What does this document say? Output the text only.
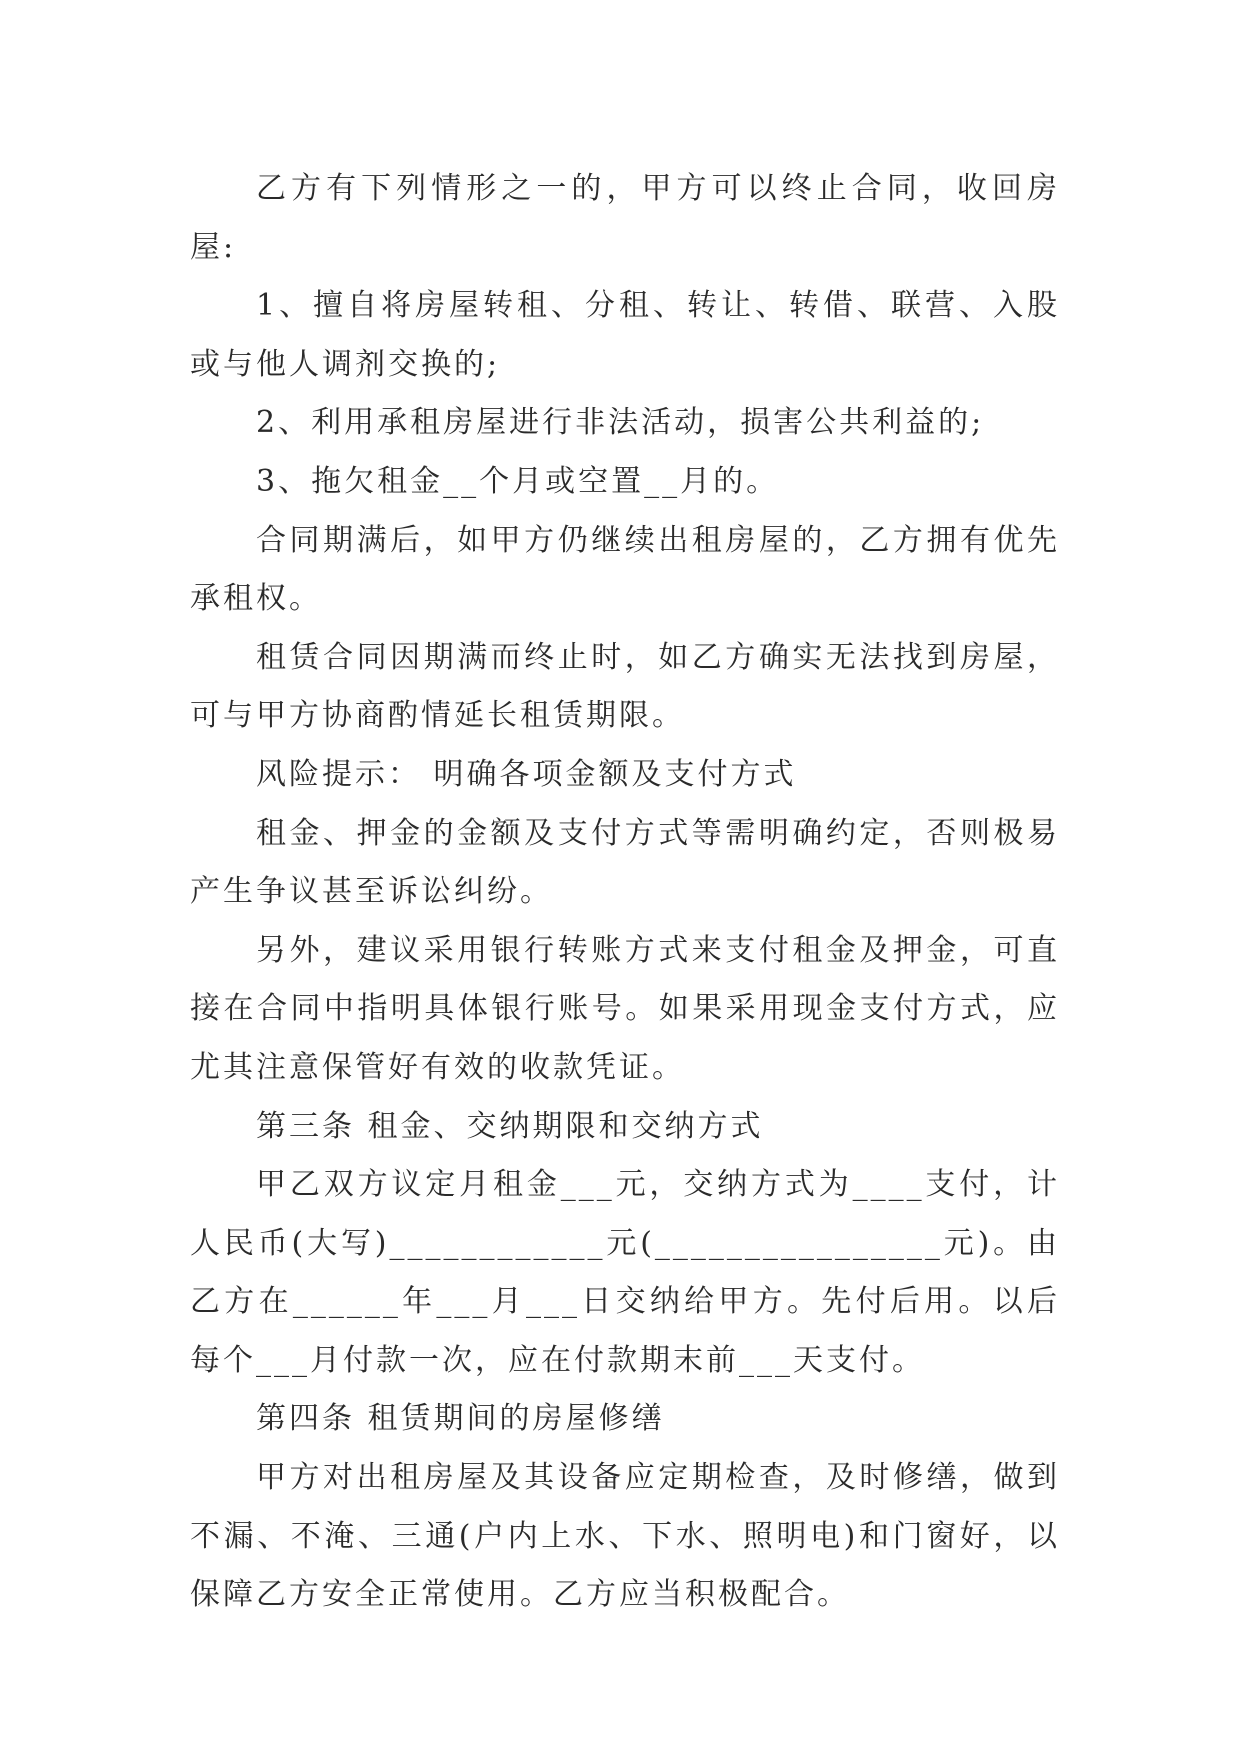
乙方有下列情形之一的，甲方可以终止合同，收回房屋:

1、擅自将房屋转租、分租、转让、转借、联营、入股或与他人调剂交换的;

2、利用承租房屋进行非法活动，损害公共利益的;

3、拖欠租金__个月或空置__月的。

合同期满后，如甲方仍继续出租房屋的，乙方拥有优先承租权。

租赁合同因期满而终止时，如乙方确实无法找到房屋，可与甲方协商酌情延长租赁期限。

风险提示： 明确各项金额及支付方式

租金、押金的金额及支付方式等需明确约定，否则极易产生争议甚至诉讼纠纷。

另外，建议采用银行转账方式来支付租金及押金，可直接在合同中指明具体银行账号。如果采用现金支付方式，应尤其注意保管好有效的收款凭证。

第三条 租金、交纳期限和交纳方式

甲乙双方议定月租金___元，交纳方式为____支付，计人民币(大写)____________元(________________元)。由乙方在______年___月___日交纳给甲方。先付后用。以后每个___月付款一次，应在付款期末前___天支付。

第四条 租赁期间的房屋修缮

甲方对出租房屋及其设备应定期检查，及时修缮，做到不漏、不淹、三通(户内上水、下水、照明电)和门窗好，以保障乙方安全正常使用。乙方应当积极配合。
